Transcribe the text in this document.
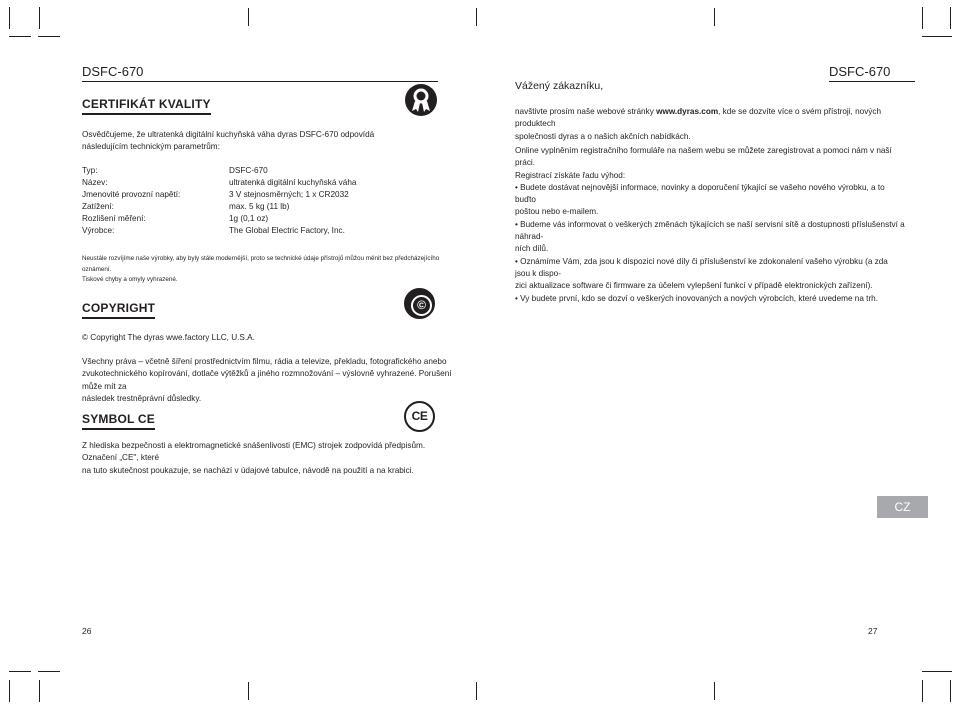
DSFC-670
CERTIFIKÁT KVALITY
Osvědčujeme, že ultratenká digitální kuchyňská váha dyras DSFC-670 odpovídá následujícím technickým parametrům:
Typ:	DSFC-670
Název:	ultratenká digitální kuchyňská váha
Jmenovité provozní napětí:	3 V stejnosměrných; 1 x CR2032
Zatížení:	max. 5 kg (11 lb)
Rozlišení měření:	1g (0,1 oz)
Výrobce:	The Global Electric Factory, Inc.
Neustále rozvíjíme naše výrobky, aby byly stále modernější, proto se technické údaje přístrojů můžou měnit bez předcházejícího oznámení.
Tiskové chyby a omyly vyhrazené.
COPYRIGHT	©
© Copyright The dyras wwe.factory LLC, U.S.A.
Všechny práva – včetně šíření prostřednictvím filmu, rádia a televize, překladu, fotografického anebo
zvukotechnického kopírování, dotlače výtěžků a jiného rozmnožování – výslovně vyhrazené. Porušení může mít za
následek trestněprávní důsledky.
SYMBOL CE	CE
Z hlediska bezpečnosti a elektromagnetické snášenlivosti (EMC) strojek zodpovídá předpisům. Označení „CE", které
na tuto skutečnost poukazuje, se nachází v údajové tabulce, návodě na použití a na krabici.
26
Vážený zákazníku,
DSFC-670
navštivte prosím naše webové stránky www.dyras.com, kde se dozvíte více o svém přístroji, nových produktech
společnosti dyras a o našich akčních nabídkách.
Online vyplněním registračního formuláře na našem webu se můžete zaregistrovat a pomoci nám v naší práci.
Registrací získáte řadu výhod:
• Budete dostávat nejnovější informace, novinky a doporučení týkající se vašeho nového výrobku, a to buďto
poštou nebo e-mailem.
• Budeme vás informovat o veškerých změnách týkajících se naší servisní sítě a dostupnosti příslušenství a náhrad-
ních dílů.
• Oznámíme Vám, zda jsou k dispozici nové díly či příslušenství ke zdokonalení vašeho výrobku (a zda jsou k dispo-
zici aktualizace software či firmware za účelem vylepšení funkcí v případě elektronických zařízení).
• Vy budete první, kdo se dozví o veškerých inovovaných a nových výrobcích, které uvedeme na trh.
CZ
27
